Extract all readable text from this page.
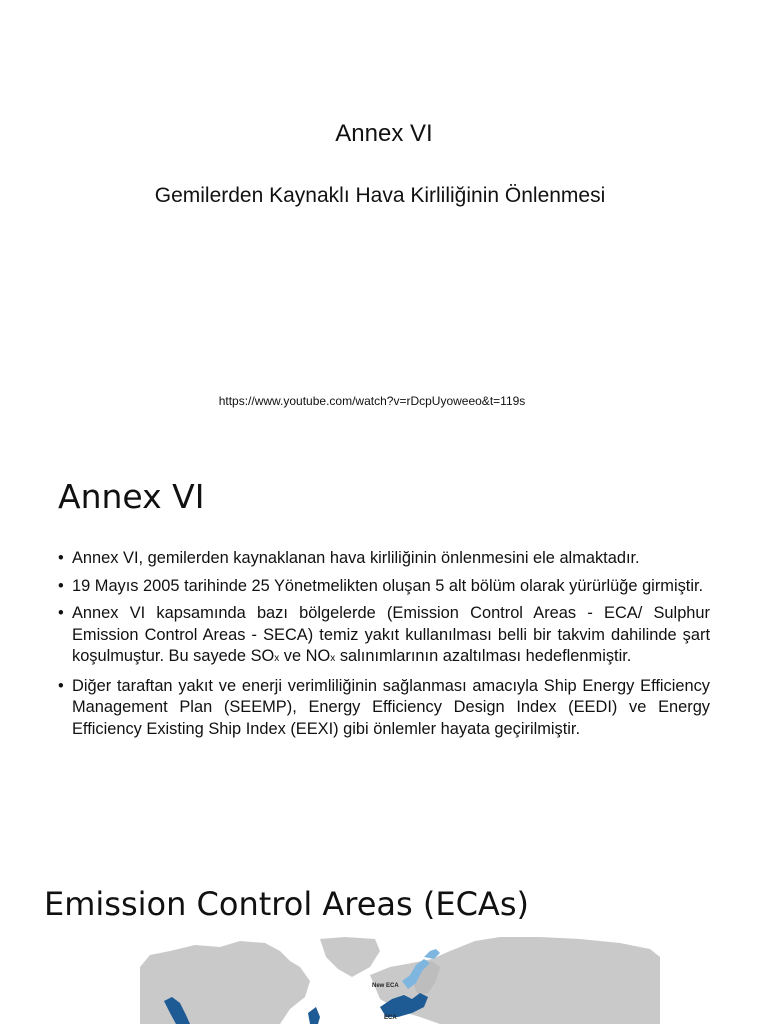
Annex VI
Gemilerden Kaynaklı Hava Kirliliğinin Önlenmesi
https://www.youtube.com/watch?v=rDcpUyoweeo&t=119s
Annex VI
• Annex VI, gemilerden kaynaklanan hava kirliliğinin önlenmesini ele almaktadır.
• 19 Mayıs 2005 tarihinde 25 Yönetmelikten oluşan 5 alt bölüm olarak yürürlüğe girmiştir.
• Annex VI kapsamında bazı bölgelerde (Emission Control Areas - ECA/ Sulphur Emission Control Areas - SECA) temiz yakıt kullanılması belli bir takvim dahilinde şart koşulmuştur. Bu sayede SOx ve NOx salınımlarının azaltılması hedeflenmiştir.
• Diğer taraftan yakıt ve enerji verimliliğinin sağlanması amacıyla Ship Energy Efficiency Management Plan (SEEMP), Energy Efficiency Design Index (EEDI) ve Energy Efficiency Existing Ship Index (EEXI) gibi önlemler hayata geçirilmiştir.
Emission Control Areas (ECAs)
New ECA
ECA
